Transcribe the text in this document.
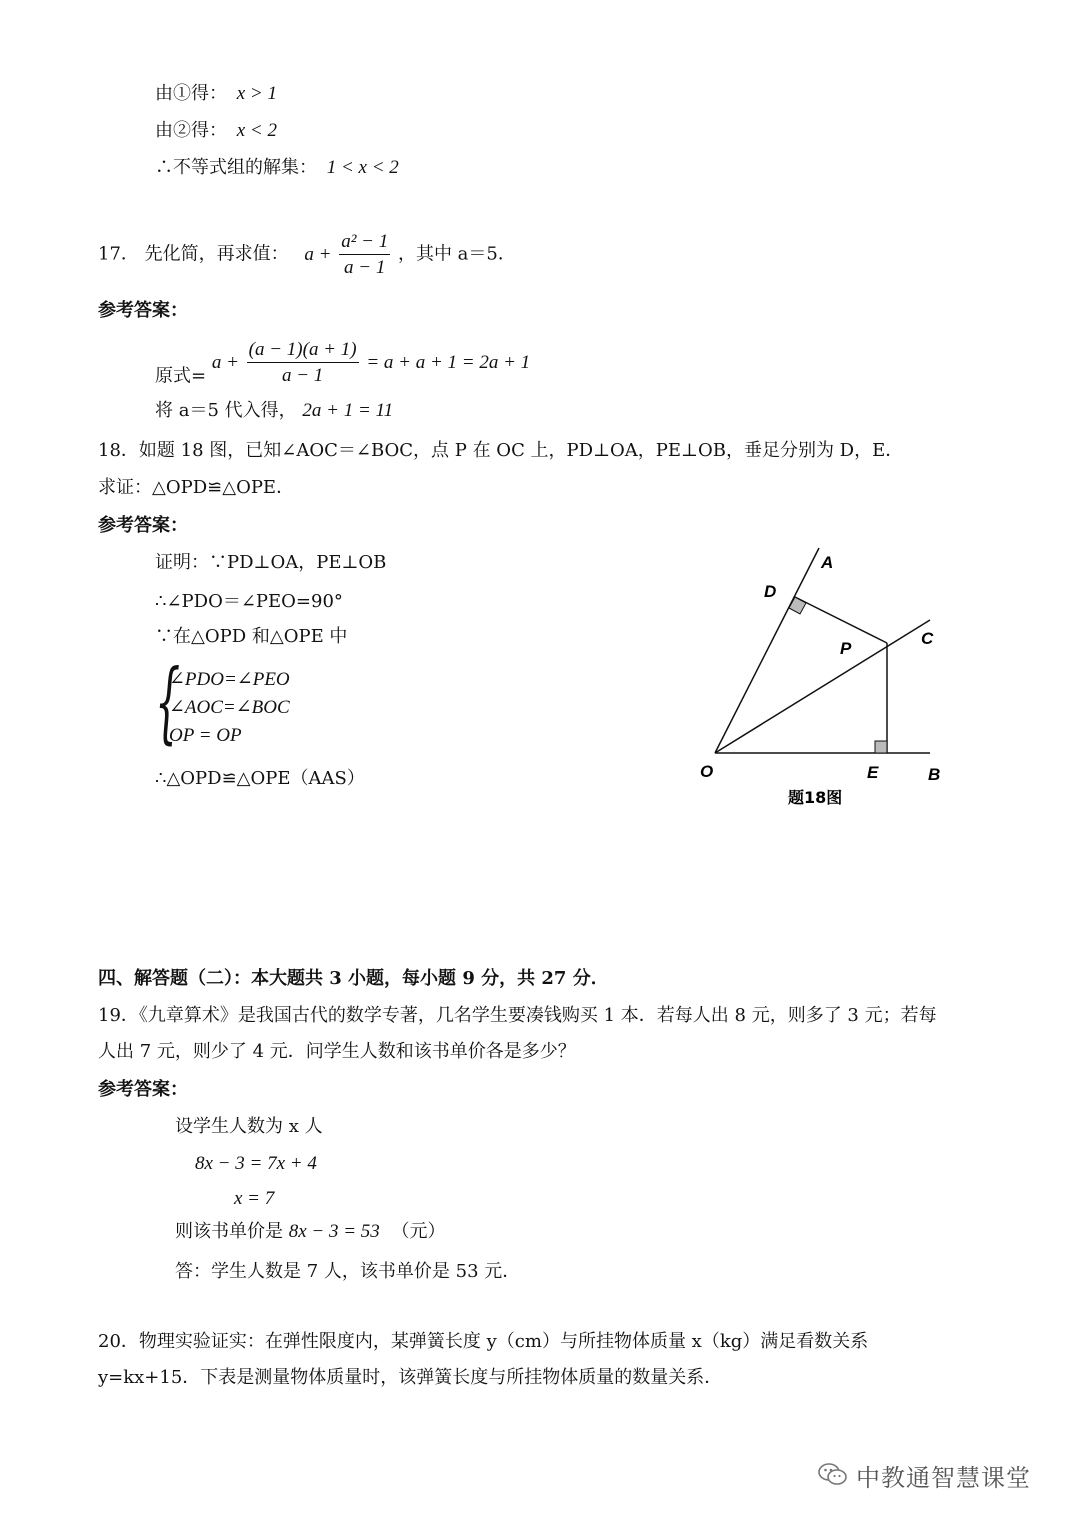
由①得： x > 1
由②得： x < 2
∴不等式组的解集： 1 < x < 2
17． 先化简，再求值： $a + \frac{\text{a² − 1}}{a - 1}$ ，其中 a＝5．
参考答案：
原式= $a + \frac{(a - 1)(a + 1)}{a - 1} = a + a + 1 = 2a + 1$
将 a＝5 代入得， 2a + 1 = 11
18．如题 18 图，已知∠AOC＝∠BOC，点 P 在 OC 上，PD⊥OA，PE⊥OB，垂足分别为 D，E．
求证：△OPD≌△OPE．
参考答案：
证明：∵PD⊥OA，PE⊥OB
∴∠PDO＝∠PEO=90°
∵在△OPD 和△OPE 中
{
∠PDO=∠PEO
∠AOC=∠BOC
OP = OP
∴△OPD≌△OPE（AAS）
A
D
C
P
O	E	B
题18图
四、解答题（二）：本大题共 3 小题，每小题 9 分，共 27 分．
19．《九章算术》是我国古代的数学专著，几名学生要凑钱购买 1 本．若每人出 8 元，则多了 3 元；若每
人出 7 元，则少了 4 元．问学生人数和该书单价各是多少？
参考答案：
设学生人数为 x 人
8x − 3 = 7x + 4
x = 7
则该书单价是 8x − 3 = 53 （元）
答：学生人数是 7 人，该书单价是 53 元．
20．物理实验证实：在弹性限度内，某弹簧长度 y（cm）与所挂物体质量 x（kg）满足看数关系
y=kx+15．下表是测量物体质量时，该弹簧长度与所挂物体质量的数量关系．
中教通智慧课堂
